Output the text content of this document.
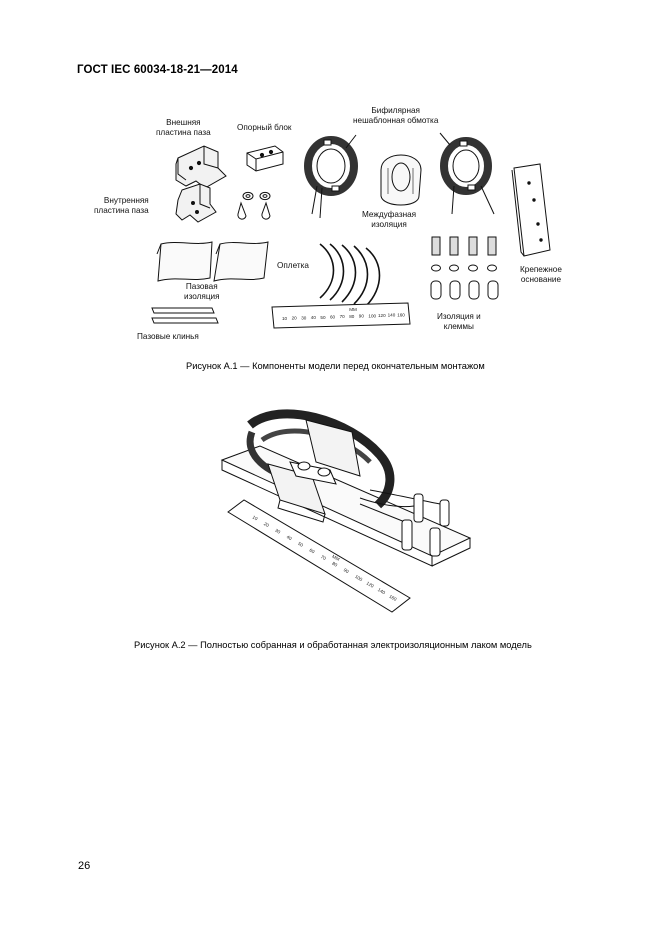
ГОСТ IEC 60034-18-21—2014
10 20 30 40 50 60 70 80 90 100 120 140 160
MM
Внешняя
пластина паза
Опорный блок
Бифилярная
нешаблонная обмотка
Внутренняя
пластина паза	Междуфазная
изоляция
Крепежное
основание
Оплетка
Пазовая
изоляция
Изоляция и
клеммы
Пазовые клинья
Рисунок А.1 — Компоненты модели перед окончательным монтажом
10
20
30
40
50
60
70
80
90
100
120
140
160
MM
Рисунок А.2 — Полностью собранная и обработанная электроизоляционным лаком модель
26
